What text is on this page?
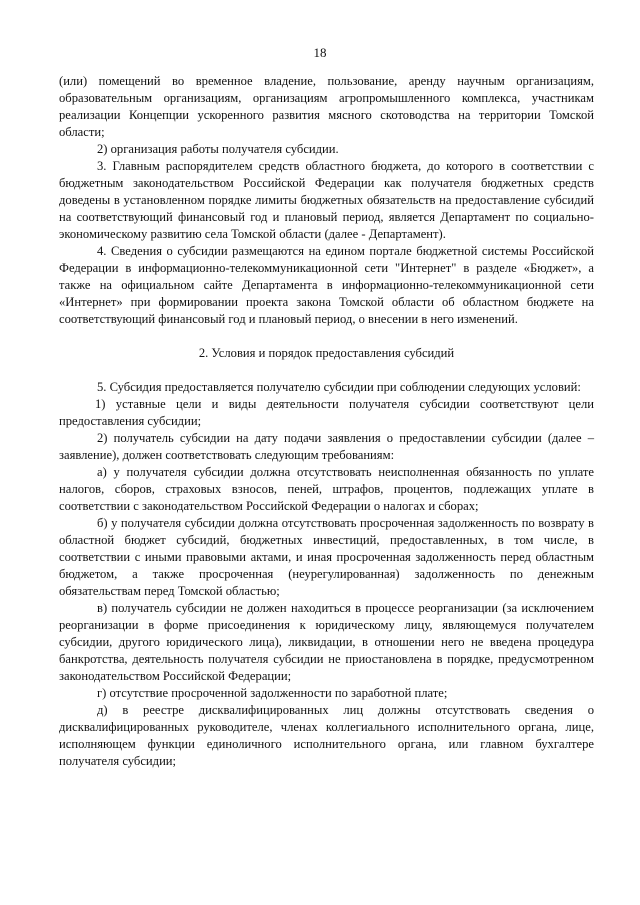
18

(или) помещений во временное владение, пользование, аренду научным организациям, образовательным организациям, организациям агропромышленного комплекса, участникам реализации Концепции ускоренного развития мясного скотоводства на территории Томской области;

2) организация работы получателя субсидии.

3. Главным распорядителем средств областного бюджета, до которого в соответствии с бюджетным законодательством Российской Федерации как получателя бюджетных средств доведены в установленном порядке лимиты бюджетных обязательств на предоставление субсидий на соответствующий финансовый год и плановый период, является Департамент по социально-экономическому развитию села Томской области (далее - Департамент).

4. Сведения о субсидии размещаются на едином портале бюджетной системы Российской Федерации в информационно-телекоммуникационной сети "Интернет" в разделе «Бюджет», а также на официальном сайте Департамента в информационно-телекоммуникационной сети «Интернет» при формировании проекта закона Томской области об областном бюджете на соответствующий финансовый год и плановый период, о внесении в него изменений.

2. Условия и порядок предоставления субсидий

5. Субсидия предоставляется получателю субсидии при соблюдении следующих условий:

1) уставные цели и виды деятельности получателя субсидии соответствуют цели предоставления субсидии;

2) получатель субсидии на дату подачи заявления о предоставлении субсидии (далее – заявление), должен соответствовать следующим требованиям:

а) у получателя субсидии должна отсутствовать неисполненная обязанность по уплате налогов, сборов, страховых взносов, пеней, штрафов, процентов, подлежащих уплате в соответствии с законодательством Российской Федерации о налогах и сборах;

б) у получателя субсидии должна отсутствовать просроченная задолженность по возврату в областной бюджет субсидий, бюджетных инвестиций, предоставленных, в том числе, в соответствии с иными правовыми актами, и иная просроченная задолженность перед областным бюджетом, а также просроченная (неурегулированная) задолженность по денежным обязательствам перед Томской областью;

в) получатель субсидии не должен находиться в процессе реорганизации (за исключением реорганизации в форме присоединения к юридическому лицу, являющемуся получателем субсидии, другого юридического лица), ликвидации, в отношении него не введена процедура банкротства, деятельность получателя субсидии не приостановлена в порядке, предусмотренном законодательством Российской Федерации;

г) отсутствие просроченной задолженности по заработной плате;

д) в реестре дисквалифицированных лиц должны отсутствовать сведения о дисквалифицированных руководителе, членах коллегиального исполнительного органа, лице, исполняющем функции единоличного исполнительного органа, или главном бухгалтере получателя субсидии;
